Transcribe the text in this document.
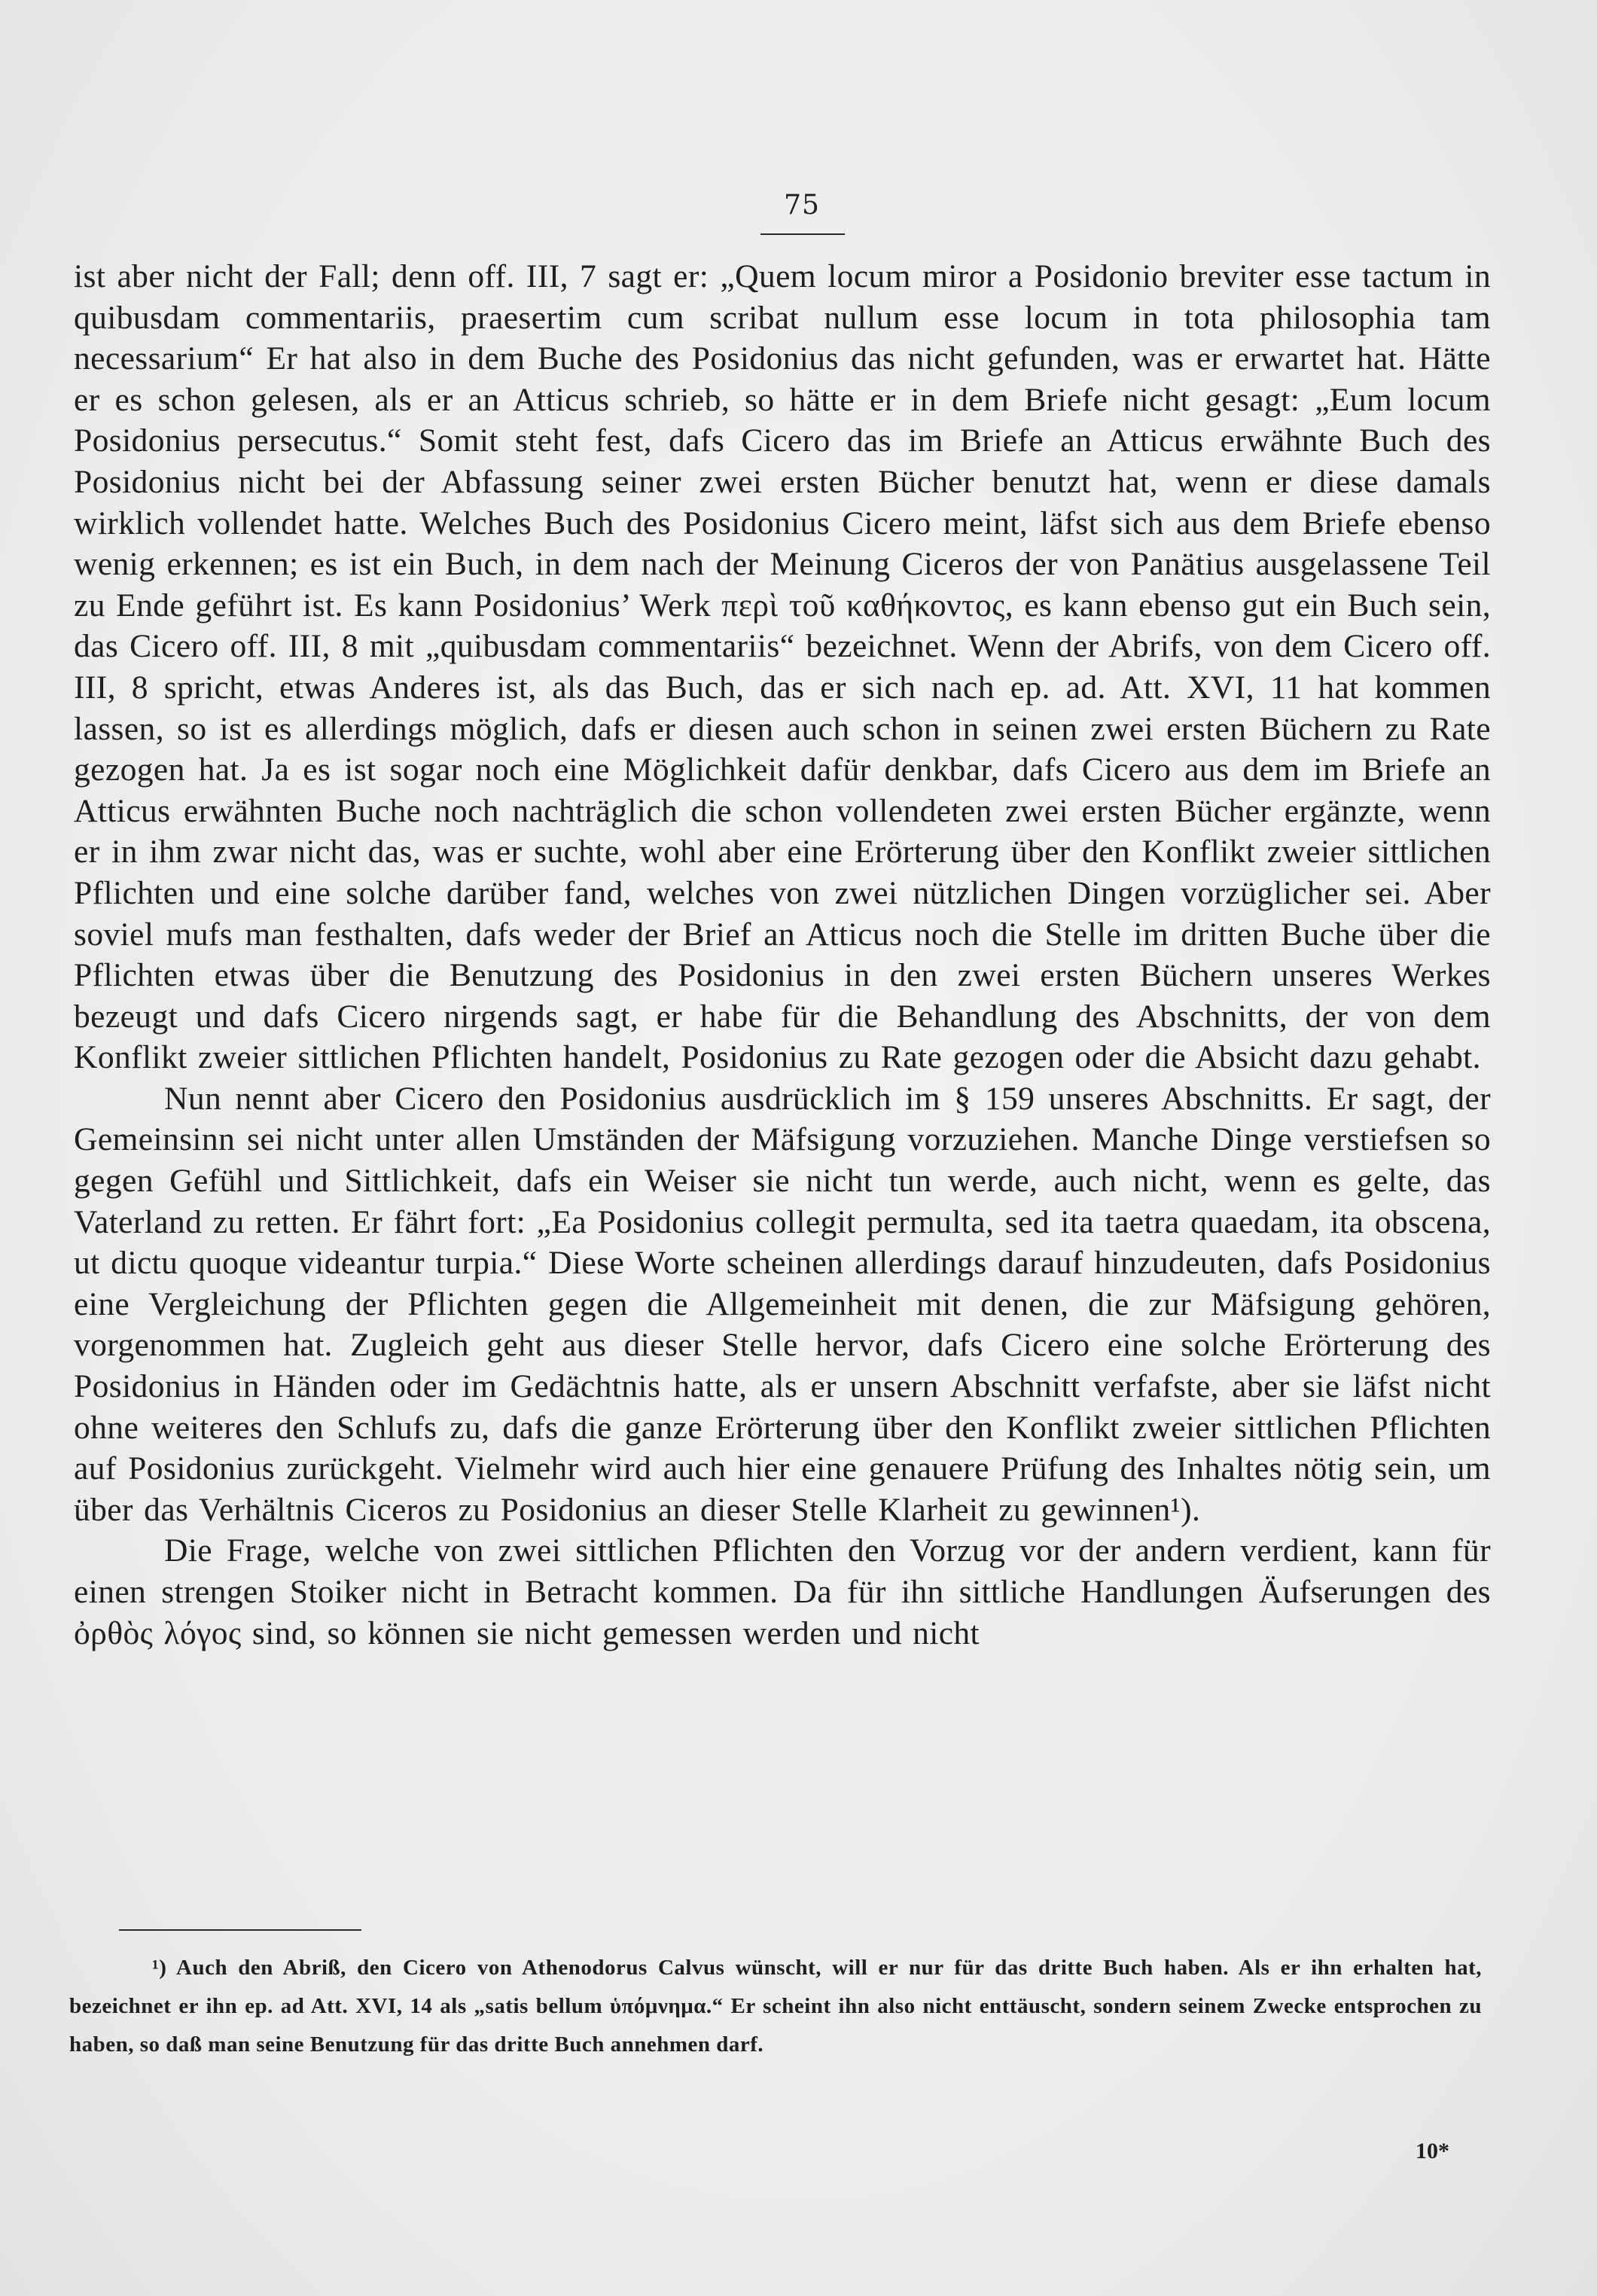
75

ist aber nicht der Fall; denn off. III, 7 sagt er: „Quem locum miror a Posidonio breviter esse tactum in quibusdam commentariis, praesertim cum scribat nullum esse locum in tota philosophia tam necessarium“ Er hat also in dem Buche des Posidonius das nicht gefunden, was er erwartet hat. Hätte er es schon gelesen, als er an Atticus schrieb, so hätte er in dem Briefe nicht gesagt: „Eum locum Posidonius persecutus.“ Somit steht fest, dafs Cicero das im Briefe an Atticus erwähnte Buch des Posidonius nicht bei der Abfassung seiner zwei ersten Bücher benutzt hat, wenn er diese damals wirklich vollendet hatte. Welches Buch des Posidonius Cicero meint, läfst sich aus dem Briefe ebenso wenig erkennen; es ist ein Buch, in dem nach der Meinung Ciceros der von Panätius ausgelassene Teil zu Ende geführt ist. Es kann Posidonius’ Werk περὶ τοῦ καθήκοντος, es kann ebenso gut ein Buch sein, das Cicero off. III, 8 mit „quibusdam commentariis“ bezeichnet. Wenn der Abrifs, von dem Cicero off. III, 8 spricht, etwas Anderes ist, als das Buch, das er sich nach ep. ad. Att. XVI, 11 hat kommen lassen, so ist es allerdings möglich, dafs er diesen auch schon in seinen zwei ersten Büchern zu Rate gezogen hat. Ja es ist sogar noch eine Möglichkeit dafür denkbar, dafs Cicero aus dem im Briefe an Atticus erwähnten Buche noch nachträglich die schon vollendeten zwei ersten Bücher ergänzte, wenn er in ihm zwar nicht das, was er suchte, wohl aber eine Erörterung über den Konflikt zweier sittlichen Pflichten und eine solche darüber fand, welches von zwei nützlichen Dingen vorzüglicher sei. Aber soviel mufs man festhalten, dafs weder der Brief an Atticus noch die Stelle im dritten Buche über die Pflichten etwas über die Benutzung des Posidonius in den zwei ersten Büchern unseres Werkes bezeugt und dafs Cicero nirgends sagt, er habe für die Behandlung des Abschnitts, der von dem Konflikt zweier sittlichen Pflichten handelt, Posidonius zu Rate gezogen oder die Absicht dazu gehabt.

Nun nennt aber Cicero den Posidonius ausdrücklich im § 159 unseres Abschnitts. Er sagt, der Gemeinsinn sei nicht unter allen Umständen der Mäfsigung vorzuziehen. Manche Dinge verstiefsen so gegen Gefühl und Sittlichkeit, dafs ein Weiser sie nicht tun werde, auch nicht, wenn es gelte, das Vaterland zu retten. Er fährt fort: „Ea Posidonius collegit permulta, sed ita taetra quaedam, ita obscena, ut dictu quoque videantur turpia.“ Diese Worte scheinen allerdings darauf hinzudeuten, dafs Posidonius eine Vergleichung der Pflichten gegen die Allgemeinheit mit denen, die zur Mäfsigung gehören, vorgenommen hat. Zugleich geht aus dieser Stelle hervor, dafs Cicero eine solche Erörterung des Posidonius in Händen oder im Gedächtnis hatte, als er unsern Abschnitt verfafste, aber sie läfst nicht ohne weiteres den Schlufs zu, dafs die ganze Erörterung über den Konflikt zweier sittlichen Pflichten auf Posidonius zurückgeht. Vielmehr wird auch hier eine genauere Prüfung des Inhaltes nötig sein, um über das Verhältnis Ciceros zu Posidonius an dieser Stelle Klarheit zu gewinnen¹).

Die Frage, welche von zwei sittlichen Pflichten den Vorzug vor der andern verdient, kann für einen strengen Stoiker nicht in Betracht kommen. Da für ihn sittliche Handlungen Äufserungen des ὀρθὸς λόγος sind, so können sie nicht gemessen werden und nicht

¹) Auch den Abriß, den Cicero von Athenodorus Calvus wünscht, will er nur für das dritte Buch haben. Als er ihn erhalten hat, bezeichnet er ihn ep. ad Att. XVI, 14 als „satis bellum ὑπόμνημα.“ Er scheint ihn also nicht enttäuscht, sondern seinem Zwecke entsprochen zu haben, so daß man seine Benutzung für das dritte Buch annehmen darf.
10*
